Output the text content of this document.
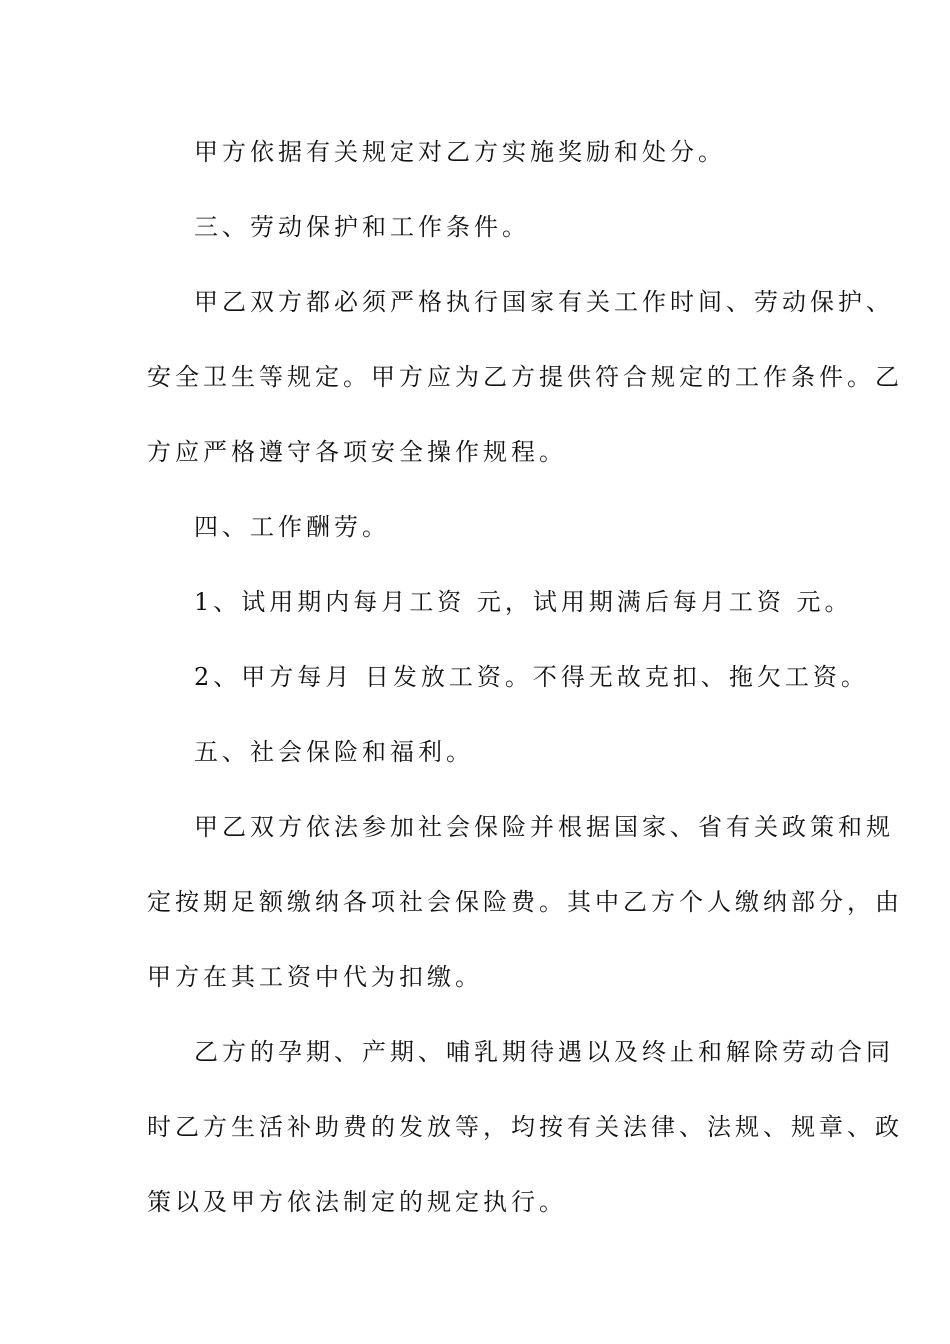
甲方依据有关规定对乙方实施奖励和处分。
三、劳动保护和工作条件。
甲乙双方都必须严格执行国家有关工作时间、劳动保护、
安全卫生等规定。甲方应为乙方提供符合规定的工作条件。乙
方应严格遵守各项安全操作规程。
四、工作酬劳。
1、试用期内每月工资 元，试用期满后每月工资 元。
2、甲方每月 日发放工资。不得无故克扣、拖欠工资。
五、社会保险和福利。
甲乙双方依法参加社会保险并根据国家、省有关政策和规
定按期足额缴纳各项社会保险费。其中乙方个人缴纳部分，由
甲方在其工资中代为扣缴。
乙方的孕期、产期、哺乳期待遇以及终止和解除劳动合同
时乙方生活补助费的发放等，均按有关法律、法规、规章、政
策以及甲方依法制定的规定执行。
